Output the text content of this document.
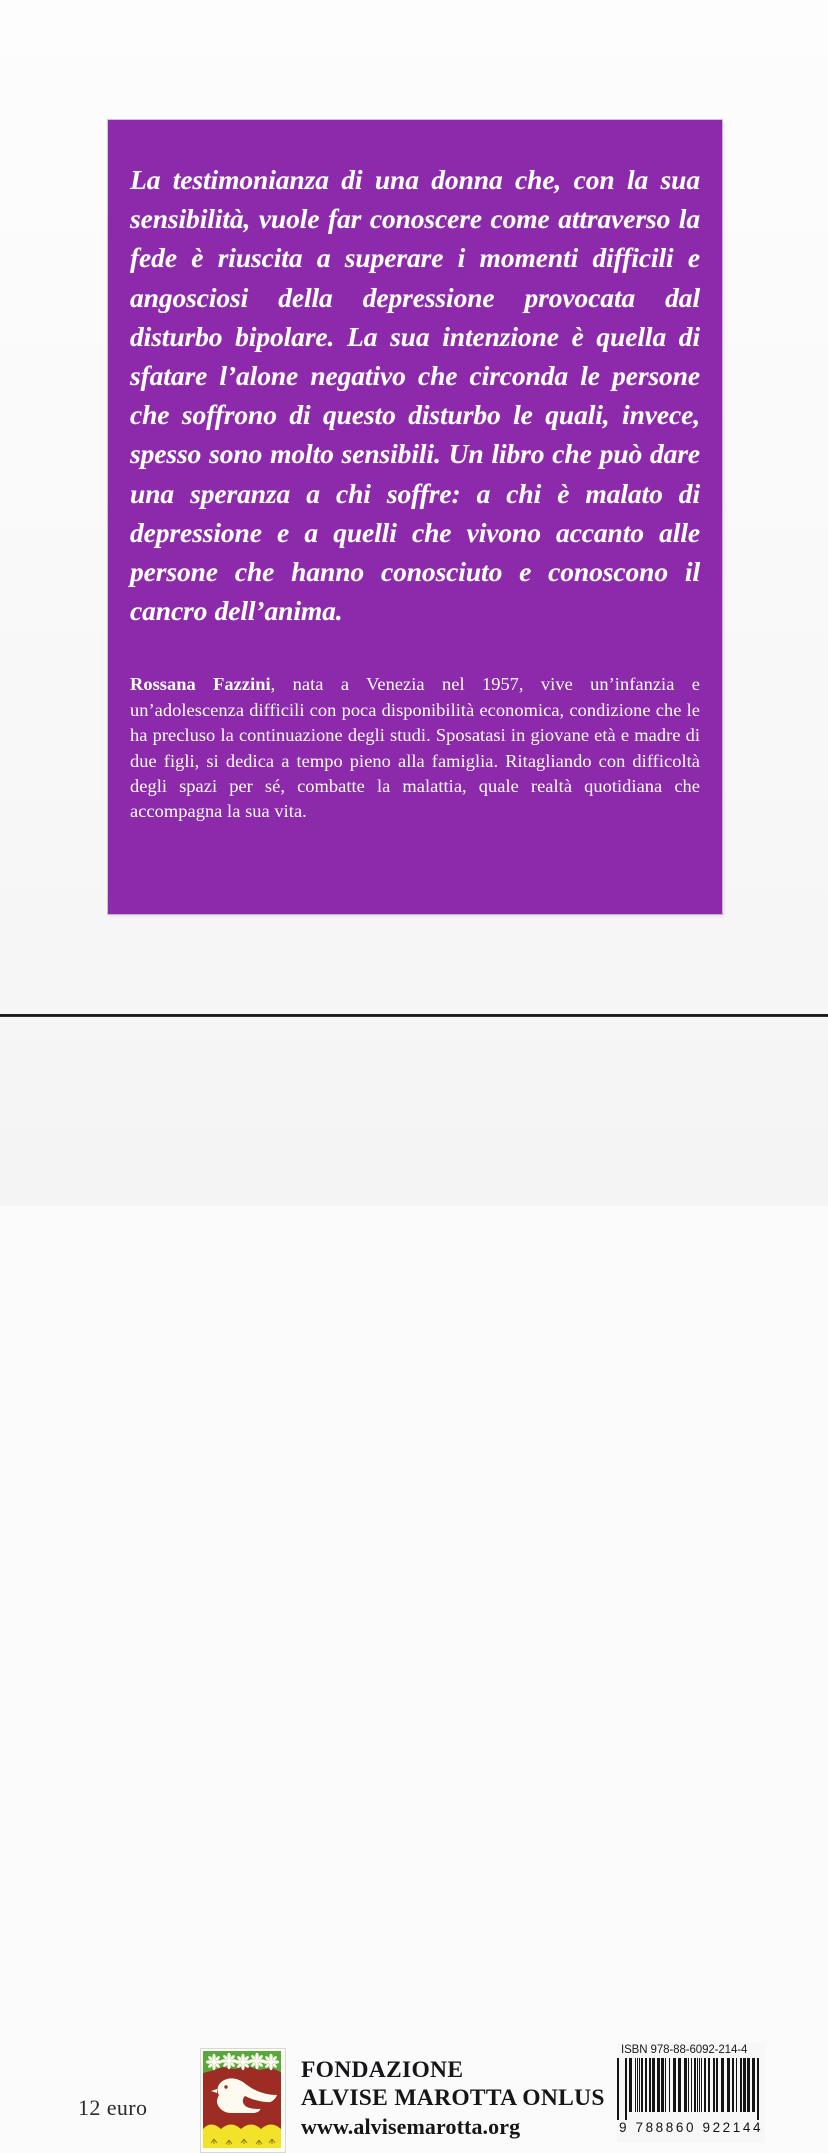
La testimonianza di una donna che, con la sua sensibilità, vuole far conoscere come attraverso la fede è riuscita a superare i momenti difficili e angosciosi della depressione provocata dal disturbo bipolare. La sua intenzione è quella di sfatare l’alone negativo che circonda le persone che soffrono di questo disturbo le quali, invece, spesso sono molto sensibili. Un libro che può dare una speranza a chi soffre: a chi è malato di depressione e a quelli che vivono accanto alle persone che hanno conosciuto e conoscono il cancro dell’anima.

Rossana Fazzini, nata a Venezia nel 1957, vive un’infanzia e un’adolescenza difficili con poca disponibilità economica, condizione che le ha precluso la continuazione degli studi. Sposatasi in giovane età e madre di due figli, si dedica a tempo pieno alla famiglia. Ritagliando con difficoltà degli spazi per sé, combatte la malattia, quale realtà quotidiana che accompagna la sua vita.

12 euro
FONDAZIONE
ALVISE MAROTTA ONLUS
www.alvisemarotta.org
ISBN 978-88-6092-214-4
9 788860 922144
